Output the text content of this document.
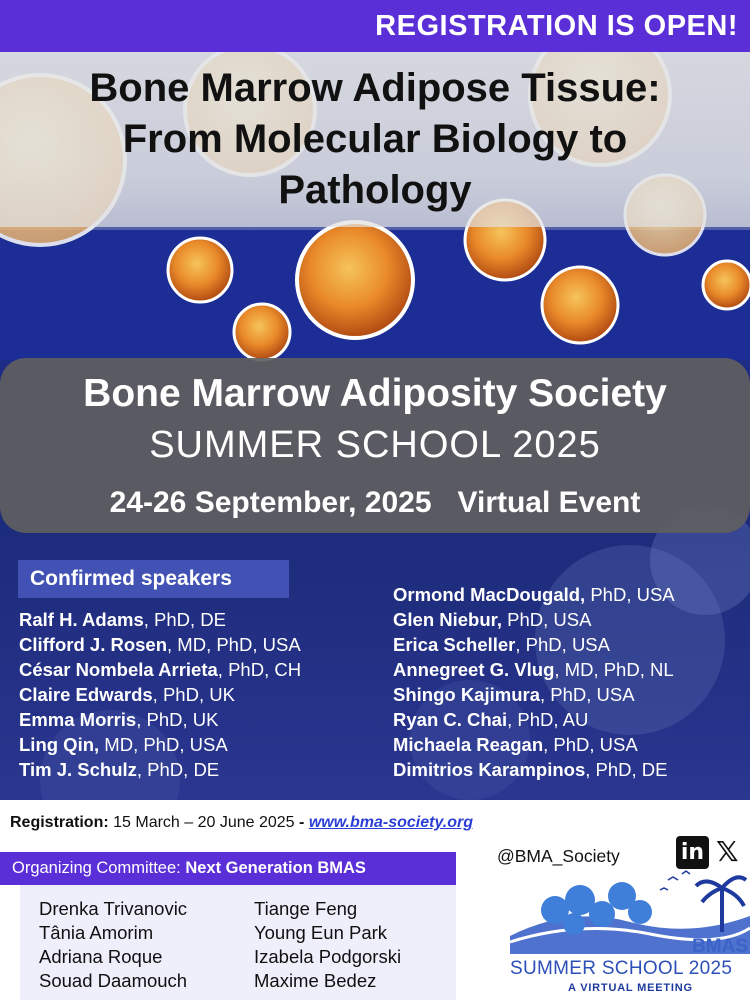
REGISTRATION IS OPEN!
Bone Marrow Adipose Tissue: From Molecular Biology to Pathology
Bone Marrow Adiposity Society
SUMMER SCHOOL 2025
24-26 September, 2025 Virtual Event
Confirmed speakers
Ralf H. Adams, PhD, DE
Clifford J. Rosen, MD, PhD, USA
César Nombela Arrieta, PhD, CH
Claire Edwards, PhD, UK
Emma Morris, PhD, UK
Ling Qin, MD, PhD, USA
Tim J. Schulz, PhD, DE
Ormond MacDougald, PhD, USA
Glen Niebur, PhD, USA
Erica Scheller, PhD, USA
Annegreet G. Vlug, MD, PhD, NL
Shingo Kajimura, PhD, USA
Ryan C. Chai, PhD, AU
Michaela Reagan, PhD, USA
Dimitrios Karampinos, PhD, DE
Registration: 15 March – 20 June 2025 - www.bma-society.org
Organizing Committee: Next Generation BMAS
Drenka Trivanovic
Tânia Amorim
Adriana Roque
Souad Daamouch
Tiange Feng
Young Eun Park
Izabela Podgorski
Maxime Bedez
@BMA_Society	in 𝕏
BMAS
SUMMER SCHOOL 2025
A VIRTUAL MEETING
